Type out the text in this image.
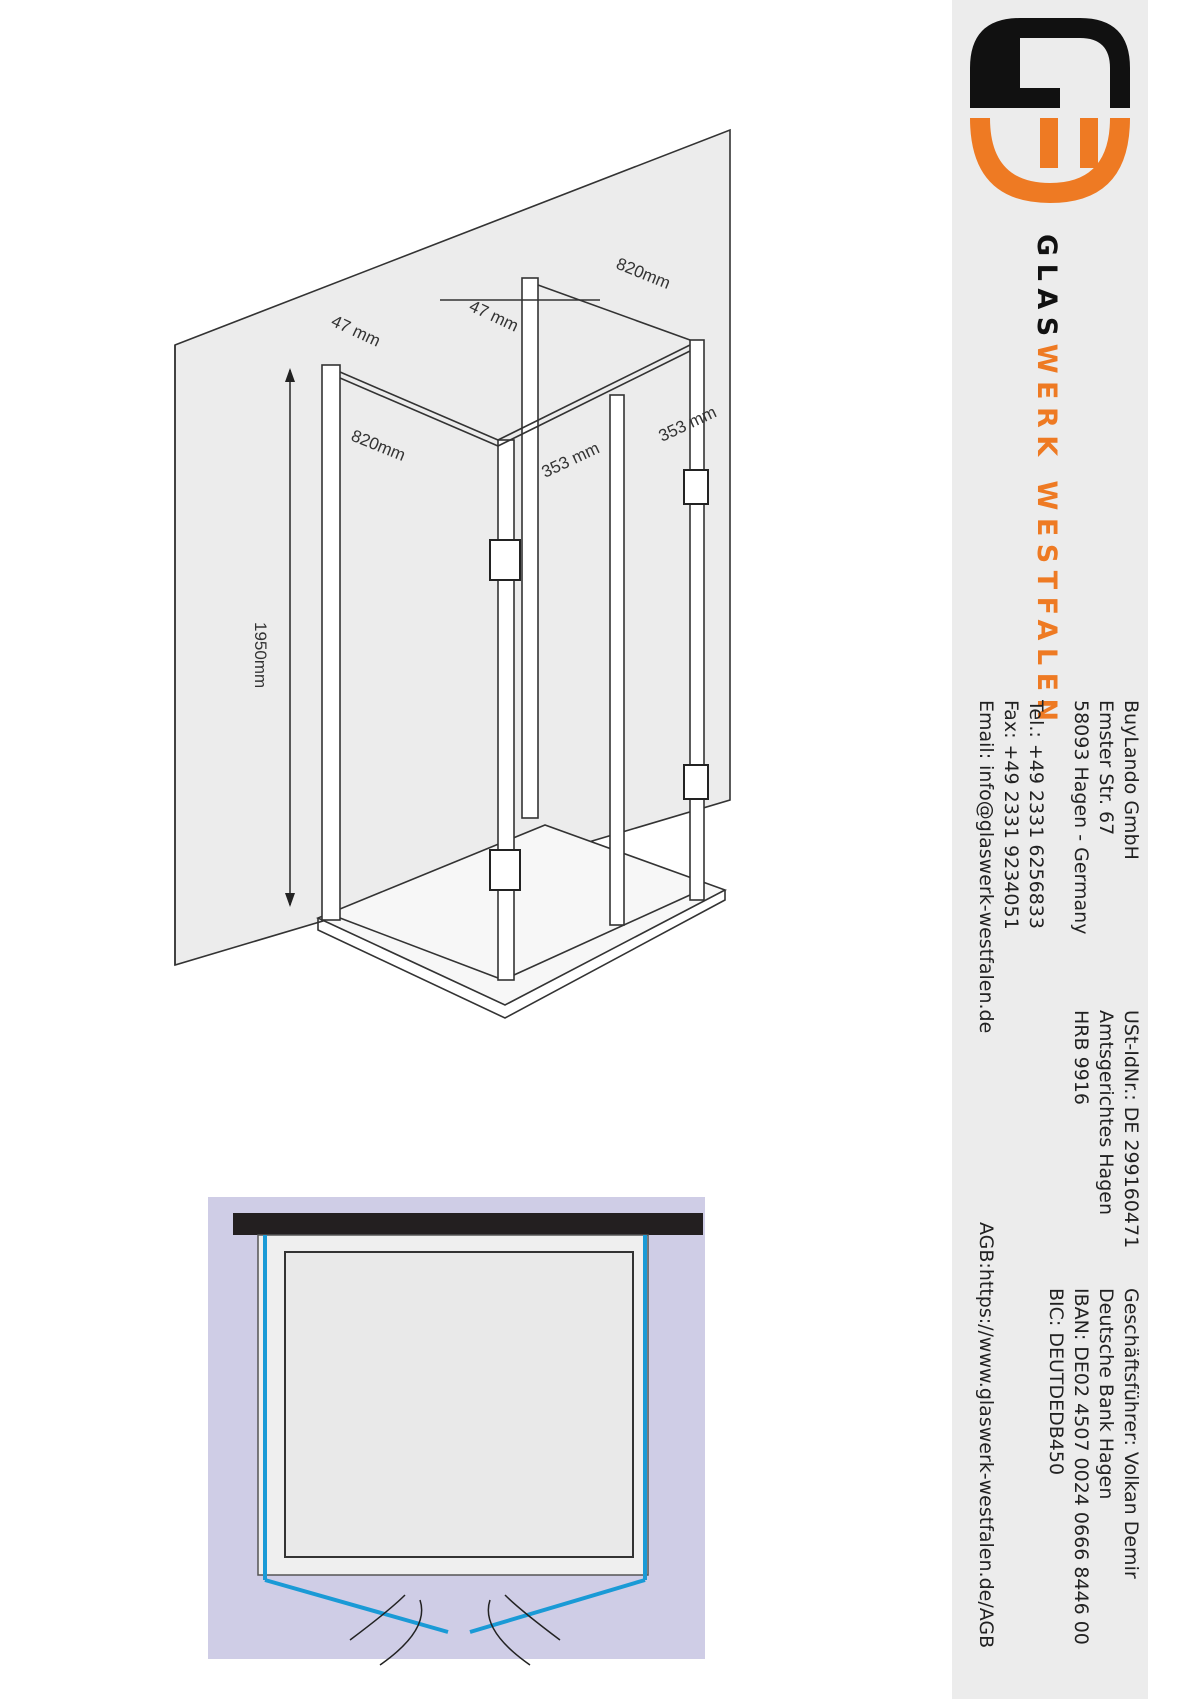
820mm
47 mm	47 mm
820mm	353 mm
353 mm
1950mm
GLASWERK WESTFALEN
BuyLando GmbH
Emster Str. 67
58093 Hagen - Germany
Tel.: +49 2331 6256833
Fax: +49 2331 9234051
Email: info@glaswerk-westfalen.de
USt-IdNr.: DE 299160471
Amtsgerichtes Hagen
HRB 9916
Geschäftsführer: Volkan Demir
Deutsche Bank Hagen
IBAN: DE02 4507 0024 0666 8446 00
BIC: DEUTDEDB450
AGB:https://www.glaswerk-westfalen.de/AGB
